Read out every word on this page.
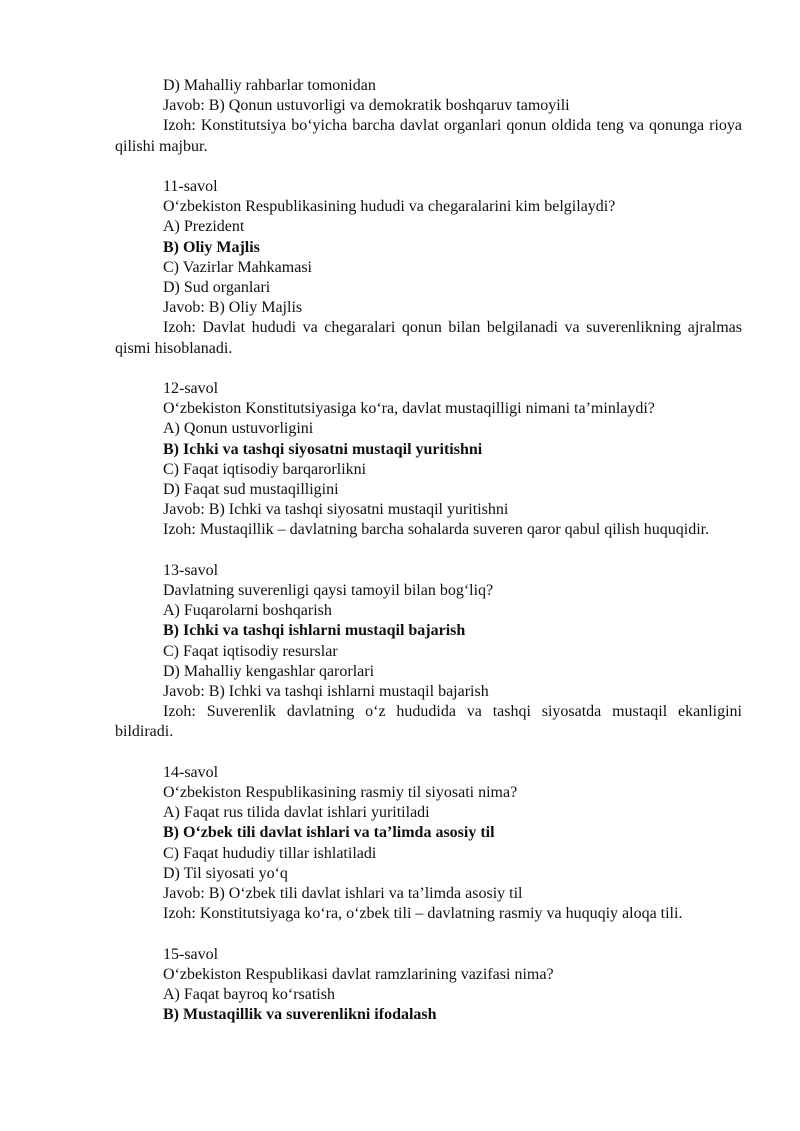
D) Mahalliy rahbarlar tomonidan
Javob: B) Qonun ustuvorligi va demokratik boshqaruv tamoyili
Izoh: Konstitutsiya bo‘yicha barcha davlat organlari qonun oldida teng va qonunga rioya qilishi majbur.
11-savol
O‘zbekiston Respublikasining hududi va chegaralarini kim belgilaydi?
A) Prezident
B) Oliy Majlis
C) Vazirlar Mahkamasi
D) Sud organlari
Javob: B) Oliy Majlis
Izoh: Davlat hududi va chegaralari qonun bilan belgilanadi va suverenlikning ajralmas qismi hisoblanadi.
12-savol
O‘zbekiston Konstitutsiyasiga ko‘ra, davlat mustaqilligi nimani ta’minlaydi?
A) Qonun ustuvorligini
B) Ichki va tashqi siyosatni mustaqil yuritishni
C) Faqat iqtisodiy barqarorlikni
D) Faqat sud mustaqilligini
Javob: B) Ichki va tashqi siyosatni mustaqil yuritishni
Izoh: Mustaqillik – davlatning barcha sohalarda suveren qaror qabul qilish huquqidir.
13-savol
Davlatning suverenligi qaysi tamoyil bilan bog‘liq?
A) Fuqarolarni boshqarish
B) Ichki va tashqi ishlarni mustaqil bajarish
C) Faqat iqtisodiy resurslar
D) Mahalliy kengashlar qarorlari
Javob: B) Ichki va tashqi ishlarni mustaqil bajarish
Izoh: Suverenlik davlatning o‘z hududida va tashqi siyosatda mustaqil ekanligini bildiradi.
14-savol
O‘zbekiston Respublikasining rasmiy til siyosati nima?
A) Faqat rus tilida davlat ishlari yuritiladi
B) O‘zbek tili davlat ishlari va ta’limda asosiy til
C) Faqat hududiy tillar ishlatiladi
D) Til siyosati yo‘q
Javob: B) O‘zbek tili davlat ishlari va ta’limda asosiy til
Izoh: Konstitutsiyaga ko‘ra, o‘zbek tili – davlatning rasmiy va huquqiy aloqa tili.
15-savol
O‘zbekiston Respublikasi davlat ramzlarining vazifasi nima?
A) Faqat bayroq ko‘rsatish
B) Mustaqillik va suverenlikni ifodalash
